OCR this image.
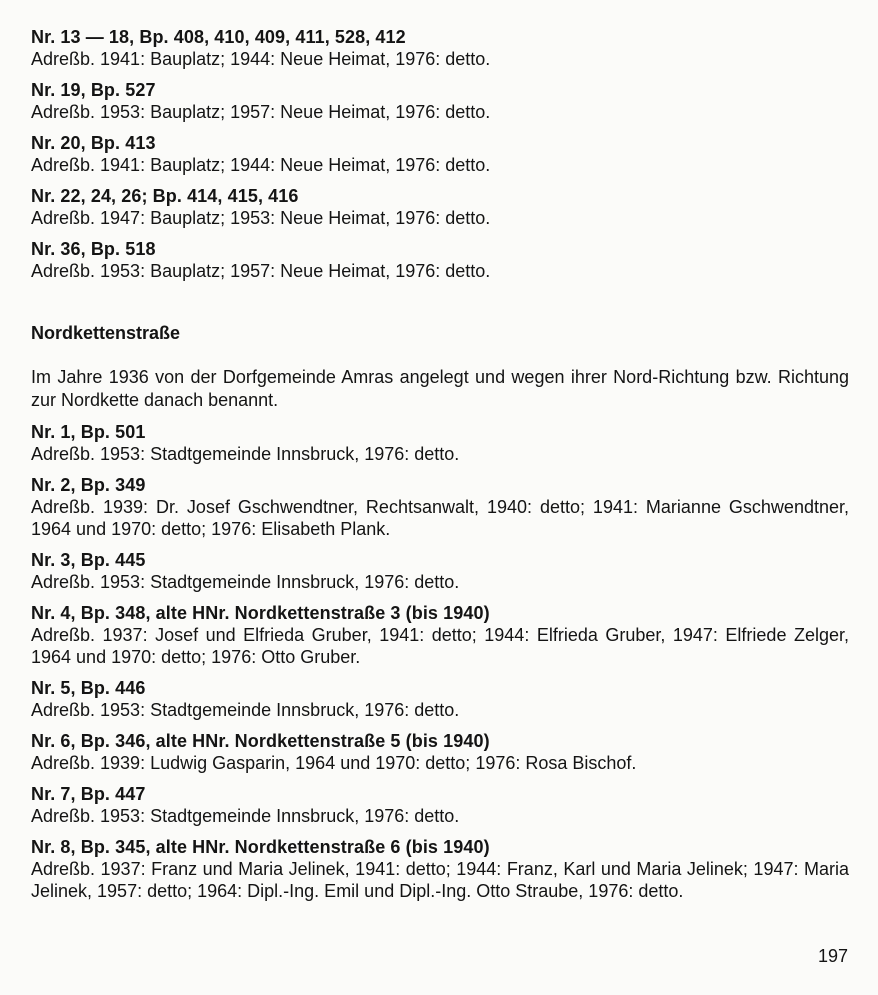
Nr. 13 — 18, Bp. 408, 410, 409, 411, 528, 412
Adreßb. 1941: Bauplatz; 1944: Neue Heimat, 1976: detto.
Nr. 19, Bp. 527
Adreßb. 1953: Bauplatz; 1957: Neue Heimat, 1976: detto.
Nr. 20, Bp. 413
Adreßb. 1941: Bauplatz; 1944: Neue Heimat, 1976: detto.
Nr. 22, 24, 26; Bp. 414, 415, 416
Adreßb. 1947: Bauplatz; 1953: Neue Heimat, 1976: detto.
Nr. 36, Bp. 518
Adreßb. 1953: Bauplatz; 1957: Neue Heimat, 1976: detto.
Nordkettenstraße
Im Jahre 1936 von der Dorfgemeinde Amras angelegt und wegen ihrer Nord-Richtung bzw. Richtung zur Nordkette danach benannt.
Nr. 1, Bp. 501
Adreßb. 1953: Stadtgemeinde Innsbruck, 1976: detto.
Nr. 2, Bp. 349
Adreßb. 1939: Dr. Josef Gschwendtner, Rechtsanwalt, 1940: detto; 1941: Marianne Gschwendtner, 1964 und 1970: detto; 1976: Elisabeth Plank.
Nr. 3, Bp. 445
Adreßb. 1953: Stadtgemeinde Innsbruck, 1976: detto.
Nr. 4, Bp. 348, alte HNr. Nordkettenstraße 3 (bis 1940)
Adreßb. 1937: Josef und Elfrieda Gruber, 1941: detto; 1944: Elfrieda Gruber, 1947: Elfriede Zelger, 1964 und 1970: detto; 1976: Otto Gruber.
Nr. 5, Bp. 446
Adreßb. 1953: Stadtgemeinde Innsbruck, 1976: detto.
Nr. 6, Bp. 346, alte HNr. Nordkettenstraße 5 (bis 1940)
Adreßb. 1939: Ludwig Gasparin, 1964 und 1970: detto; 1976: Rosa Bischof.
Nr. 7, Bp. 447
Adreßb. 1953: Stadtgemeinde Innsbruck, 1976: detto.
Nr. 8, Bp. 345, alte HNr. Nordkettenstraße 6 (bis 1940)
Adreßb. 1937: Franz und Maria Jelinek, 1941: detto; 1944: Franz, Karl und Maria Jelinek; 1947: Maria Jelinek, 1957: detto; 1964: Dipl.-Ing. Emil und Dipl.-Ing. Otto Straube, 1976: detto.
197
